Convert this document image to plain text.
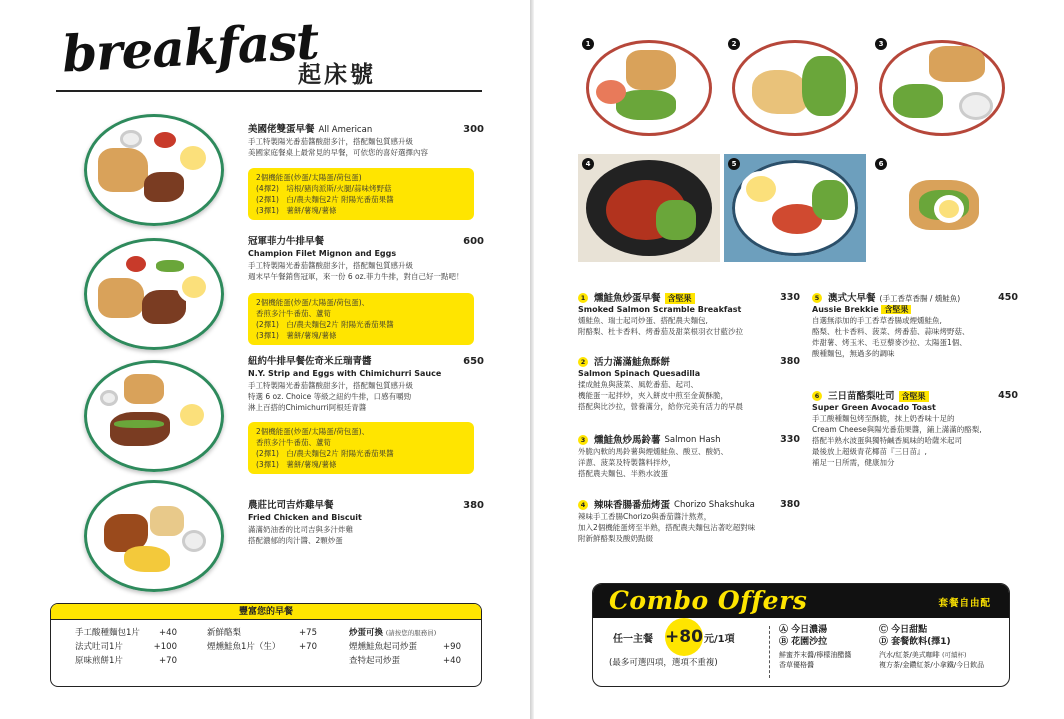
breakfast
起床號
美國佬雙蛋早餐 All American	300
手工特製陽光番茄醬酸甜多汁，搭配麵包質感升級
美國家庭餐桌上最常見的早餐，可依您的喜好選擇內容
2個機能蛋(炒蛋/太陽蛋/荷包蛋)
(4擇2)　培根/豬肉派斯/火腿/蒜味烤野菇
(2擇1)　白/農夫麵包2片 附陽光番茄果醬
(3擇1)　薯餅/薯塊/薯條
冠軍菲力牛排早餐	600
Champion Filet Mignon and Eggs
手工特製陽光番茄醬酸甜多汁，搭配麵包質感升級
週末早午餐銷售冠軍，來一份 6 oz.菲力牛排，對自己好一點吧！
2個機能蛋(炒蛋/太陽蛋/荷包蛋)、
香煎多汁牛番茄、蘆筍
(2擇1)　白/農夫麵包2片 附陽光番茄果醬
(3擇1)　薯餅/薯塊/薯條
紐約牛排早餐佐奇米丘瑞青醬	650
N.Y. Strip and Eggs with Chimichurri Sauce
手工特製陽光番茄醬酸甜多汁，搭配麵包質感升級
特選 6 oz. Choice 等級之紐約牛排，口感有嚼勁
淋上百搭的Chimichurri阿根廷青醬
2個機能蛋(炒蛋/太陽蛋/荷包蛋)、
香煎多汁牛番茄、蘆筍
(2擇1)　白/農夫麵包2片 附陽光番茄果醬
(3擇1)　薯餅/薯塊/薯條
農莊比司吉炸雞早餐	380
Fried Chicken and Biscuit
滿滿奶油香的比司吉與多汁炸雞
搭配濃郁的肉汁醬、2顆炒蛋
豐富您的早餐
手工酸種麵包1片 +40
法式吐司1片	+100
原味煎餅1片	+70
新鮮酪梨	+75
煙燻鮭魚1片（生） +70
炒蛋可換 (請按您的服務員)
煙燻鮭魚起司炒蛋	+90
查特起司炒蛋	+40
1	2	3
4	5	6
1 燻鮭魚炒蛋早餐 含堅果	330
Smoked Salmon Scramble Breakfast
燻鮭魚、瑞士起司炒蛋、搭配農夫麵包,
附酪梨、杜卡香料、烤番茄及甜菜根羽衣甘藍沙拉
2 活力滿滿鮭魚酥餅	380
Salmon Spinach Quesadilla
揉成鮭魚與菠菜、風乾番茄、起司、
機能蛋一起拌炒，夾入餅皮中煎至金黃酥脆，
搭配與比沙拉，營養滿分，給你完美有活力的早晨
3 燻鮭魚炒馬鈴薯 Salmon Hash	330
外脆內軟的馬鈴薯與煙燻鮭魚、酸豆、酸奶、
洋蔥、菠菜及特製醬料拌炒，
搭配農夫麵包、半熟水波蛋
4 辣味香腸番茄烤蛋 Chorizo Shakshuka	380
辣味手工香腸Chorizo與番茄醬汁熬煮，
加入2個機能蛋烤至半熟，搭配農夫麵包沾著吃超對味
附新鮮酪梨及酸奶點綴
5 澳式大早餐 (手工香草香腸 / 燻鮭魚)	450
Aussie Brekkie 含堅果
自選無添加的手工香草香腸或煙燻鮭魚,
酪梨、杜卡香料、菠菜、烤番茄、蒜味烤野菇、
炸甜薯、烤玉米、毛豆藜麥沙拉、太陽蛋1個、
酸種麵包，無過多的調味
6 三日苗酪梨吐司 含堅果	450
Super Green Avocado Toast
手工酸種麵包烤至酥脆，抹上奶香味十足的
Cream Cheese與陽光番茄果醬，鋪上滿滿的酪梨,
搭配半熟水波蛋與獨特鹹香風味的哈薩米起司
最後放上超級青花椰苗『三日苗』,
補足一日所需，健康加分
Combo Offers	套餐自由配
任一主餐	元/1項
+80
(最多可選四項，選項不重複)
Ⓐ 今日濃湯	Ⓒ 今日甜點
Ⓑ 花園沙拉	Ⓓ 套餐飲料(擇1)
鮮蜜芥末醬/檸檬油醋醬
香草優格醬
汽水/紅茶/美式咖啡 (可續杯)
複方茶/金鑽紅茶/小拿鐵/今日飲品
